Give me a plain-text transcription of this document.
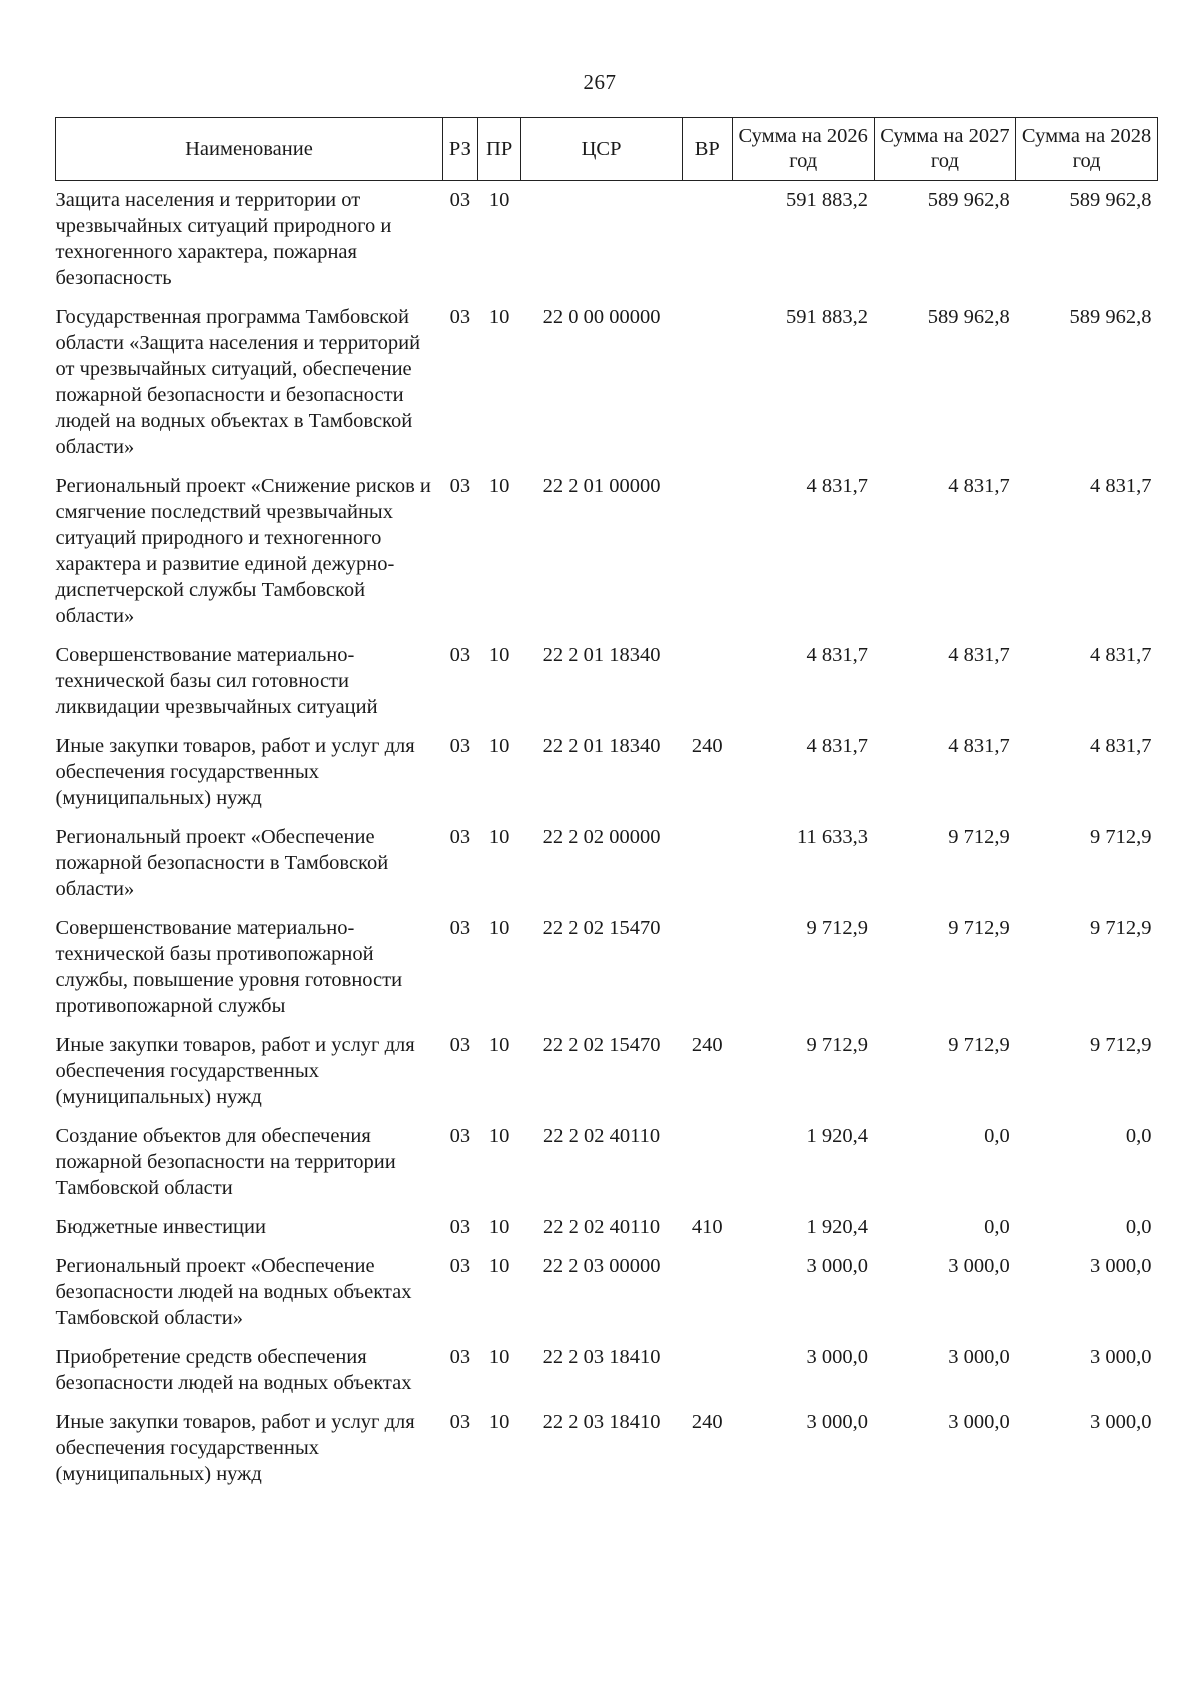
267
Наименование	РЗ	ПР	ЦСР	ВР	Сумма на 2026 год	Сумма на 2027 год	Сумма на 2028 год
Защита населения и территории от чрезвычайных ситуаций природного и техногенного характера, пожарная безопасность	03	10			591 883,2	589 962,8	589 962,8
Государственная программа Тамбовской области «Защита населения и территорий от чрезвычайных ситуаций, обеспечение пожарной безопасности и безопасности людей на водных объектах в Тамбовской области»	03	10	22 0 00 00000		591 883,2	589 962,8	589 962,8
Региональный проект «Снижение рисков и смягчение последствий чрезвычайных ситуаций природного и техногенного характера и развитие единой дежурно-диспетчерской службы Тамбовской области»	03	10	22 2 01 00000		4 831,7	4 831,7	4 831,7
Совершенствование материально-технической базы сил готовности ликвидации чрезвычайных ситуаций	03	10	22 2 01 18340		4 831,7	4 831,7	4 831,7
Иные закупки товаров, работ и услуг для обеспечения государственных (муниципальных) нужд	03	10	22 2 01 18340	240	4 831,7	4 831,7	4 831,7
Региональный проект «Обеспечение пожарной безопасности в Тамбовской области»	03	10	22 2 02 00000		11 633,3	9 712,9	9 712,9
Совершенствование материально-технической базы противопожарной службы, повышение уровня готовности противопожарной службы	03	10	22 2 02 15470		9 712,9	9 712,9	9 712,9
Иные закупки товаров, работ и услуг для обеспечения государственных (муниципальных) нужд	03	10	22 2 02 15470	240	9 712,9	9 712,9	9 712,9
Создание объектов для обеспечения пожарной безопасности на территории Тамбовской области	03	10	22 2 02 40110		1 920,4	0,0	0,0
Бюджетные инвестиции	03	10	22 2 02 40110	410	1 920,4	0,0	0,0
Региональный проект «Обеспечение безопасности людей на водных объектах Тамбовской области»	03	10	22 2 03 00000		3 000,0	3 000,0	3 000,0
Приобретение средств обеспечения безопасности людей на водных объектах	03	10	22 2 03 18410		3 000,0	3 000,0	3 000,0
Иные закупки товаров, работ и услуг для обеспечения государственных (муниципальных) нужд	03	10	22 2 03 18410	240	3 000,0	3 000,0	3 000,0
